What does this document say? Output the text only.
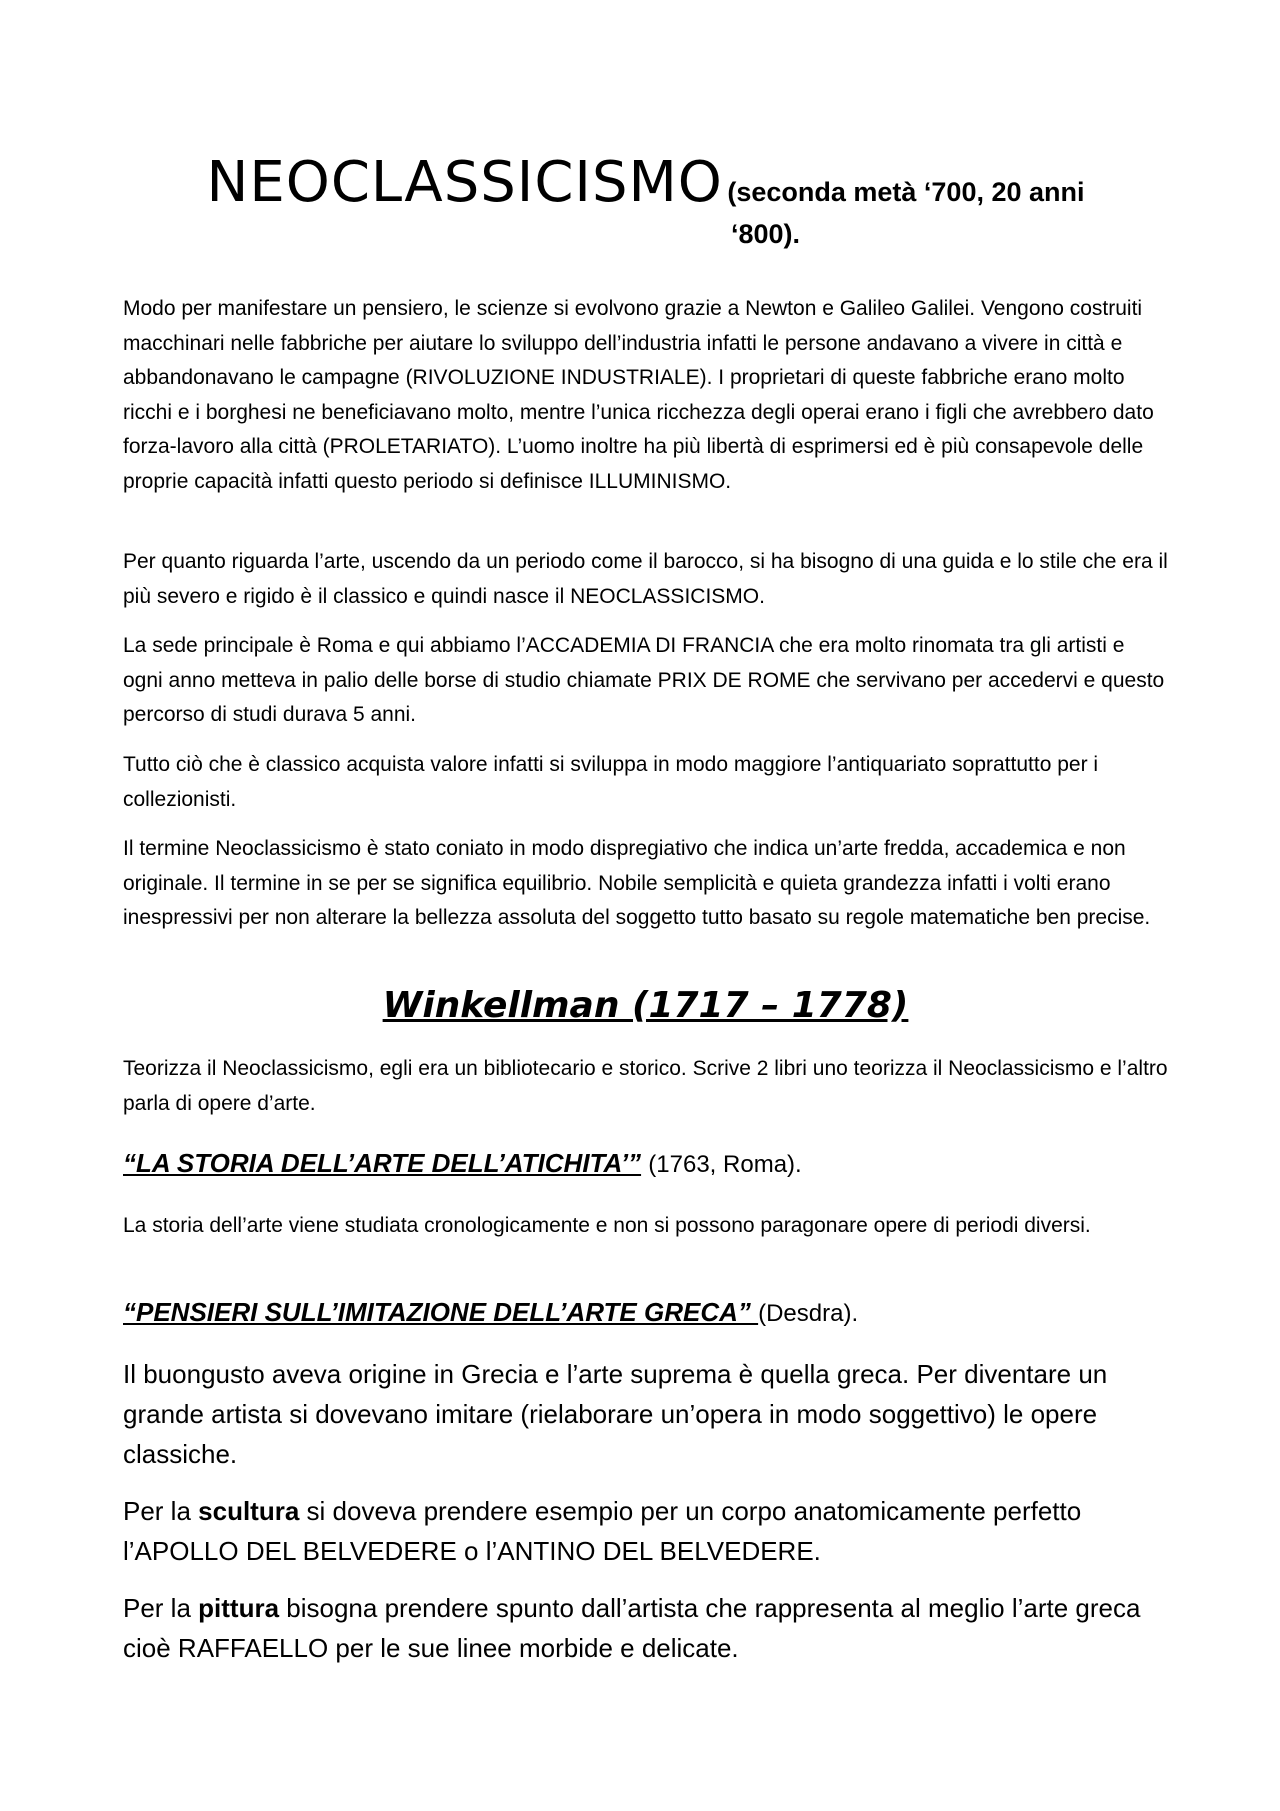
NEOCLASSICISMO (seconda metà ‘700, 20 anni
‘800).

Modo per manifestare un pensiero, le scienze si evolvono grazie a Newton e Galileo Galilei. Vengono costruiti macchinari nelle fabbriche per aiutare lo sviluppo dell’industria infatti le persone andavano a vivere in città e abbandonavano le campagne (RIVOLUZIONE INDUSTRIALE). I proprietari di queste fabbriche erano molto ricchi e i borghesi ne beneficiavano molto, mentre l’unica ricchezza degli operai erano i figli che avrebbero dato forza-lavoro alla città (PROLETARIATO). L’uomo inoltre ha più libertà di esprimersi ed è più consapevole delle proprie capacità infatti questo periodo si definisce ILLUMINISMO.

Per quanto riguarda l’arte, uscendo da un periodo come il barocco, si ha bisogno di una guida e lo stile che era il più severo e rigido è il classico e quindi nasce il NEOCLASSICISMO.

La sede principale è Roma e qui abbiamo l’ACCADEMIA DI FRANCIA che era molto rinomata tra gli artisti e ogni anno metteva in palio delle borse di studio chiamate PRIX DE ROME che servivano per accedervi e questo percorso di studi durava 5 anni.

Tutto ciò che è classico acquista valore infatti si sviluppa in modo maggiore l’antiquariato soprattutto per i collezionisti.

Il termine Neoclassicismo è stato coniato in modo dispregiativo che indica un’arte fredda, accademica e non originale. Il termine in se per se significa equilibrio. Nobile semplicità e quieta grandezza infatti i volti erano inespressivi per non alterare la bellezza assoluta del soggetto tutto basato su regole matematiche ben precise.

Winkellman (1717 – 1778)

Teorizza il Neoclassicismo, egli era un bibliotecario e storico. Scrive 2 libri uno teorizza il Neoclassicismo e l’altro parla di opere d’arte.

“LA STORIA DELL’ARTE DELL’ATICHITA’” (1763, Roma).

La storia dell’arte viene studiata cronologicamente e non si possono paragonare opere di periodi diversi.

“PENSIERI SULL’IMITAZIONE DELL’ARTE GRECA” (Desdra).

Il buongusto aveva origine in Grecia e l’arte suprema è quella greca. Per diventare un grande artista si dovevano imitare (rielaborare un’opera in modo soggettivo) le opere classiche.

Per la scultura si doveva prendere esempio per un corpo anatomicamente perfetto l’APOLLO DEL BELVEDERE o l’ANTINO DEL BELVEDERE.

Per la pittura bisogna prendere spunto dall’artista che rappresenta al meglio l’arte greca cioè RAFFAELLO per le sue linee morbide e delicate.
